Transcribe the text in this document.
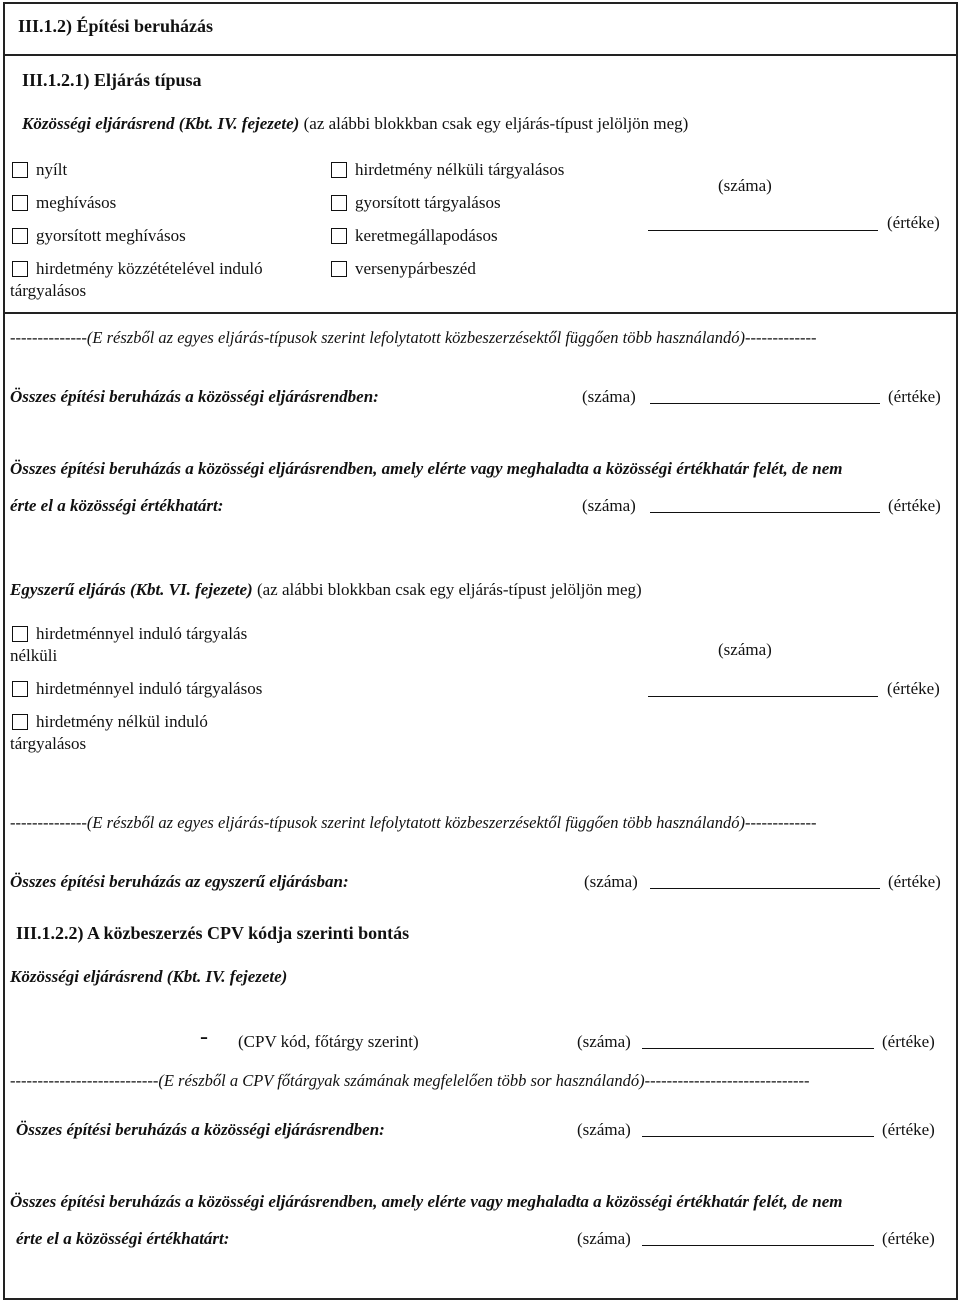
III.1.2) Építési beruházás
III.1.2.1) Eljárás típusa
Közösségi eljárásrend (Kbt. IV. fejezete) (az alábbi blokkban csak egy eljárás-típust jelöljön meg)
nyílt
meghívásos
gyorsított meghívásos
hirdetmény közzétételével induló
tárgyalásos
hirdetmény nélküli tárgyalásos
gyorsított tárgyalásos
keretmegállapodásos
versenypárbeszéd
(száma)
(értéke)
--------------(E részből az egyes eljárás-típusok szerint lefolytatott közbeszerzésektől függően több használandó)-------------
Összes építési beruházás a közösségi eljárásrendben:	(száma)	(értéke)
Összes építési beruházás a közösségi eljárásrendben, amely elérte vagy meghaladta a közösségi értékhatár felét, de nem
érte el a közösségi értékhatárt:	(száma)	(értéke)
Egyszerű eljárás (Kbt. VI. fejezete) (az alábbi blokkban csak egy eljárás-típust jelöljön meg)
hirdetménnyel induló tárgyalás
nélküli
hirdetménnyel induló tárgyalásos
hirdetmény nélkül induló
tárgyalásos
(száma)
(értéke)
--------------(E részből az egyes eljárás-típusok szerint lefolytatott közbeszerzésektől függően több használandó)-------------
Összes építési beruházás az egyszerű eljárásban:	(száma)	(értéke)
III.1.2.2) A közbeszerzés CPV kódja szerinti bontás
Közösségi eljárásrend (Kbt. IV. fejezete)
- (CPV kód, főtárgy szerint)	(száma)	(értéke)
---------------------------(E részből a CPV főtárgyak számának megfelelően több sor használandó)------------------------------
Összes építési beruházás a közösségi eljárásrendben:	(száma)	(értéke)
Összes építési beruházás a közösségi eljárásrendben, amely elérte vagy meghaladta a közösségi értékhatár felét, de nem
érte el a közösségi értékhatárt:	(száma)	(értéke)
